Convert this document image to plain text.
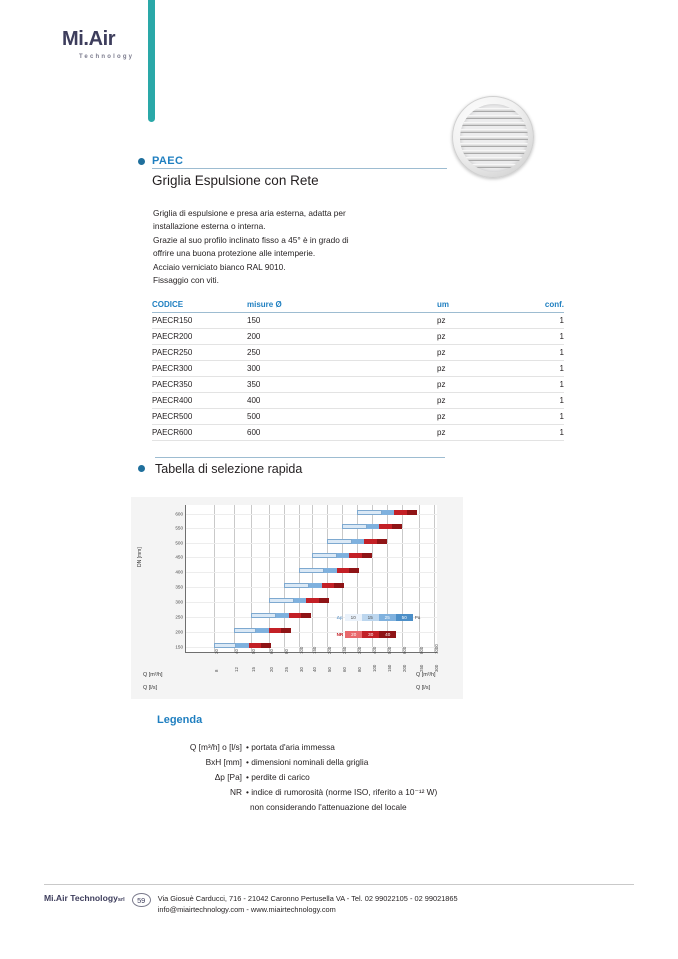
Mi.Air
Technology
PAEC
Griglia Espulsione con Rete
Griglia di espulsione e presa aria esterna, adatta per
installazione esterna o interna.
Grazie al suo profilo inclinato fisso a 45° è in grado di
offrire una buona protezione alle intemperie.
Acciaio verniciato bianco RAL 9010.
Fissaggio con viti.
CODICE	misure Ø	um	conf.
PAECR150	150	pz	1
PAECR200	200	pz	1
PAECR250	250	pz	1
PAECR300	300	pz	1
PAECR350	350	pz	1
PAECR400	400	pz	1
PAECR500	500	pz	1
PAECR600	600	pz	1
Tabella di selezione rapida
DN [mm]
150
200
250
300
350
400
450
500
550
600
Δp	10	15	25	50	Pa
NR	20	30	40
30	40	50	60 80 100 150 200 250 300 400 500 600	800 1000
8	12	15	20 25 30 40 50 60 80 100 150 200	250 300
Q [m³/h]
Q [l/s]
Q [m³/h]
Q [l/s]
Legenda
Q [m³/h] o [l/s] • portata d'aria immessa
BxH [mm] • dimensioni nominali della griglia
Δp [Pa] • perdite di carico
NR • indice di rumorosità (norme ISO, riferito a 10⁻¹² W)
non considerando l'attenuazione del locale
Mi.Air Technologysrl	59	Via Giosuè Carducci, 716 - 21042 Caronno Pertusella VA - Tel. 02 99022105 - 02 99021865
info@miairtechnology.com - www.miairtechnology.com
